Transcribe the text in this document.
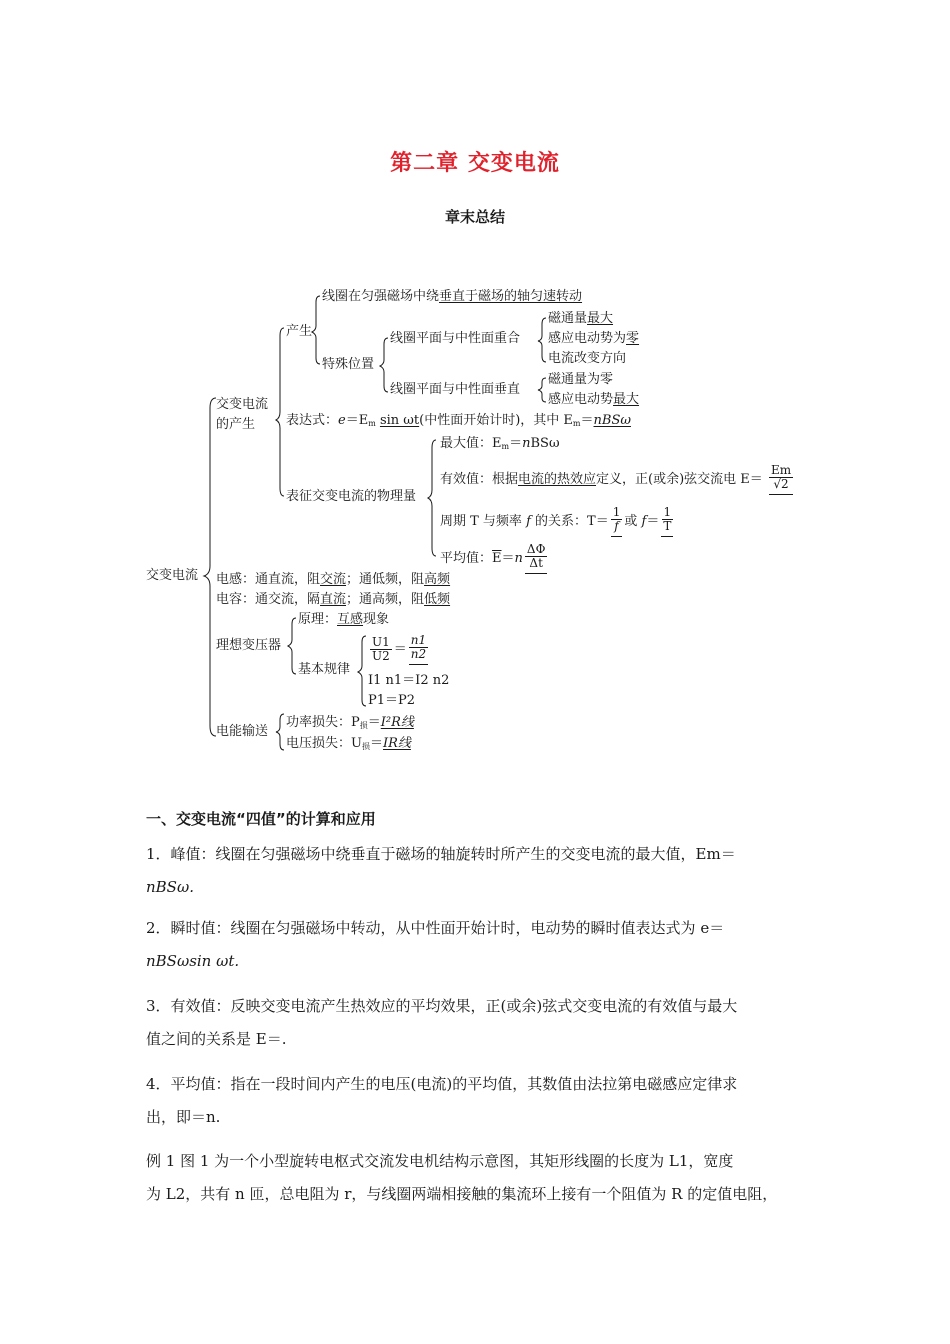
第二章 交变电流
章末总结
交变电流
交变电流
的产生
产生
线圈在匀强磁场中绕垂直于磁场的轴匀速转动
特殊位置
线圈平面与中性面重合
磁通量最大
感应电动势为零
电流改变方向
线圈平面与中性面垂直
磁通量为零
感应电动势最大
表达式：$e=E_m$ sin ωt(中性面开始计时)，其中 $E_m=nBS\omega$
表征交变电流的物理量
最大值：$E_m=nBS\omega$
有效值：根据电流的热效应定义，正(或余)弦交流电 $E= \frac{Em}{√2}$
周期 T 与频率 f 的关系：$T= \frac{1}{f}$ 或 $f= \frac{1}{T}$
平均值：$\overline{E}=n \frac{\Delta\Phi}{\Delta t}$
电感：通直流，阻交流；通低频，阻高频
电容：通交流，隔直流；通高频，阻低频
理想变压器
原理：互感现象
基本规律
$\frac{U1}{U2} = \frac{n1}{n2}$
I1 n1＝I2 n2
P1＝P2
电能输送
功率损失：$P_损=I^2R$线
电压损失：$U_损=IR$线
一、交变电流“四值”的计算和应用
1．峰值：线圈在匀强磁场中绕垂直于磁场的轴旋转时所产生的交变电流的最大值，Em＝
nBSω.
2．瞬时值：线圈在匀强磁场中转动，从中性面开始计时，电动势的瞬时值表达式为 e＝
nBSωsin ωt.
3．有效值：反映交变电流产生热效应的平均效果，正(或余)弦式交变电流的有效值与最大
值之间的关系是 E＝.
4．平均值：指在一段时间内产生的电压(电流)的平均值，其数值由法拉第电磁感应定律求
出，即＝n.
例 1 图 1 为一个小型旋转电枢式交流发电机结构示意图，其矩形线圈的长度为 L1，宽度
为 L2，共有 n 匝，总电阻为 r，与线圈两端相接触的集流环上接有一个阻值为 R 的定值电阻，
